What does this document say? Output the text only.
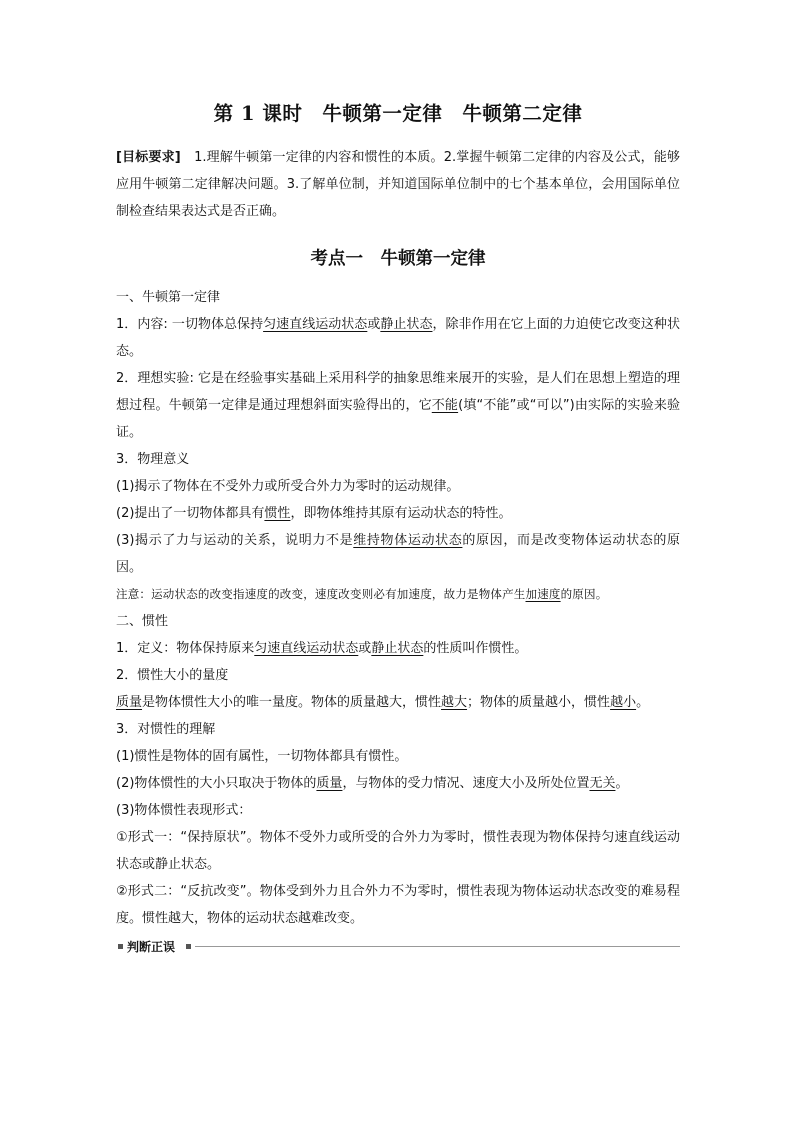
第 1 课时　牛顿第一定律　牛顿第二定律

[目标要求]　1.理解牛顿第一定律的内容和惯性的本质。2.掌握牛顿第二定律的内容及公式，能够应用牛顿第二定律解决问题。3.了解单位制，并知道国际单位制中的七个基本单位，会用国际单位制检查结果表达式是否正确。

考点一　牛顿第一定律

一、牛顿第一定律

1．内容: 一切物体总保持匀速直线运动状态或静止状态，除非作用在它上面的力迫使它改变这种状态。

2．理想实验: 它是在经验事实基础上采用科学的抽象思维来展开的实验，是人们在思想上塑造的理想过程。牛顿第一定律是通过理想斜面实验得出的，它不能(填“不能”或“可以”)由实际的实验来验证。

3．物理意义

(1)揭示了物体在不受外力或所受合外力为零时的运动规律。

(2)提出了一切物体都具有惯性，即物体维持其原有运动状态的特性。

(3)揭示了力与运动的关系，说明力不是维持物体运动状态的原因，而是改变物体运动状态的原因。

注意：运动状态的改变指速度的改变，速度改变则必有加速度，故力是物体产生加速度的原因。

二、惯性

1．定义：物体保持原来匀速直线运动状态或静止状态的性质叫作惯性。

2．惯性大小的量度

质量是物体惯性大小的唯一量度。物体的质量越大，惯性越大；物体的质量越小，惯性越小。

3．对惯性的理解

(1)惯性是物体的固有属性，一切物体都具有惯性。

(2)物体惯性的大小只取决于物体的质量，与物体的受力情况、速度大小及所处位置无关。

(3)物体惯性表现形式：

①形式一：“保持原状”。物体不受外力或所受的合外力为零时，惯性表现为物体保持匀速直线运动状态或静止状态。

②形式二：“反抗改变”。物体受到外力且合外力不为零时，惯性表现为物体运动状态改变的难易程度。惯性越大，物体的运动状态越难改变。

判断正误
